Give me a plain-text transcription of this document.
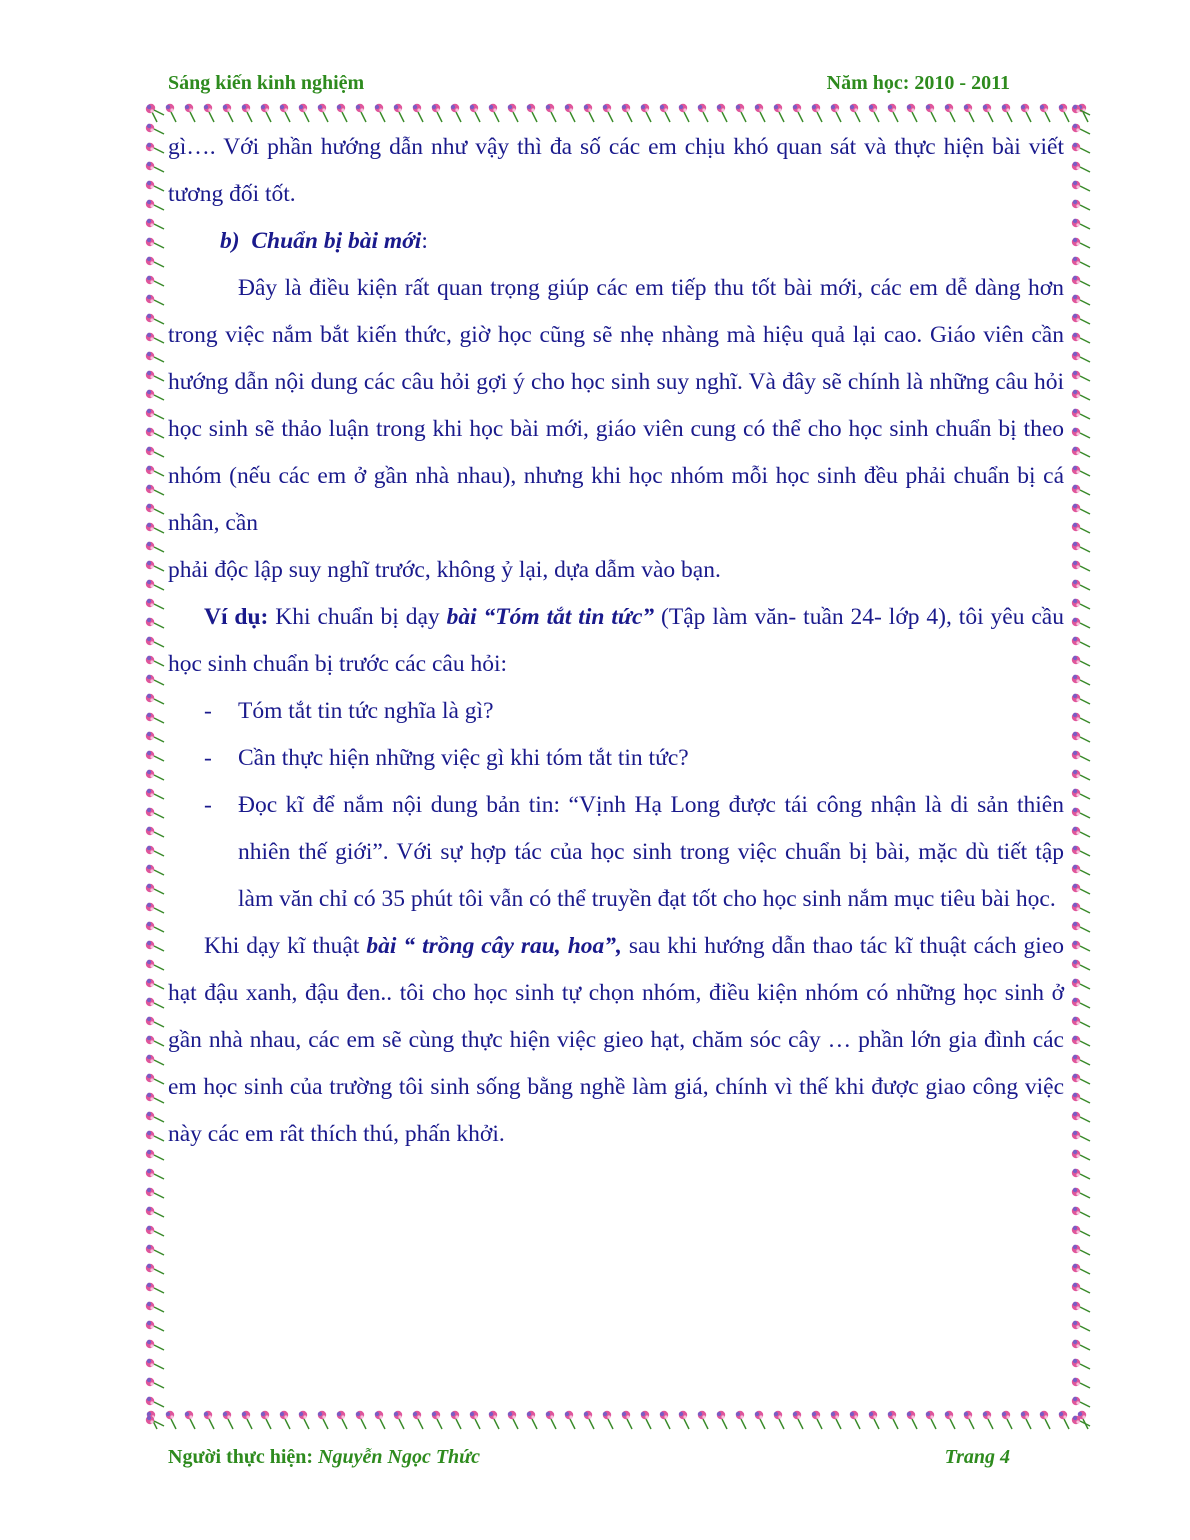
Sáng kiến kinh nghiệm	Năm học: 2010 - 2011

gì…. Với phần hướng dẫn như vậy thì đa số các em chịu khó quan sát và thực hiện bài viết tương đối tốt.

b) Chuẩn bị bài mới:

Đây là điều kiện rất quan trọng giúp các em tiếp thu tốt bài mới, các em dễ dàng hơn trong việc nắm bắt kiến thức, giờ học cũng sẽ nhẹ nhàng mà hiệu quả lại cao. Giáo viên cần hướng dẫn nội dung các câu hỏi gợi ý cho học sinh suy nghĩ. Và đây sẽ chính là những câu hỏi học sinh sẽ thảo luận trong khi học bài mới, giáo viên cung có thể cho học sinh chuẩn bị theo nhóm (nếu các em ở gần nhà nhau), nhưng khi học nhóm mỗi học sinh đều phải chuẩn bị cá nhân, cần

phải độc lập suy nghĩ trước, không ỷ lại, dựa dẫm vào bạn.

Ví dụ: Khi chuẩn bị dạy bài “Tóm tắt tin tức” (Tập làm văn- tuần 24- lớp 4), tôi yêu cầu học sinh chuẩn bị trước các câu hỏi:

-	Tóm tắt tin tức nghĩa là gì?
-	Cần thực hiện những việc gì khi tóm tắt tin tức?
-	Đọc kĩ để nắm nội dung bản tin: “Vịnh Hạ Long được tái công nhận là di sản thiên nhiên thế giới”. Với sự hợp tác của học sinh trong việc chuẩn bị bài, mặc dù tiết tập làm văn chỉ có 35 phút tôi vẫn có thể truyền đạt tốt cho học sinh nắm mục tiêu bài học.

Khi dạy kĩ thuật bài “ trồng cây rau, hoa”, sau khi hướng dẫn thao tác kĩ thuật cách gieo hạt đậu xanh, đậu đen.. tôi cho học sinh tự chọn nhóm, điều kiện nhóm có những học sinh ở gần nhà nhau, các em sẽ cùng thực hiện việc gieo hạt, chăm sóc cây … phần lớn gia đình các em học sinh của trường tôi sinh sống bằng nghề làm giá, chính vì thế khi được giao công việc này các em rât thích thú, phấn khởi.

Người thực hiện: Nguyễn Ngọc Thức	Trang 4
